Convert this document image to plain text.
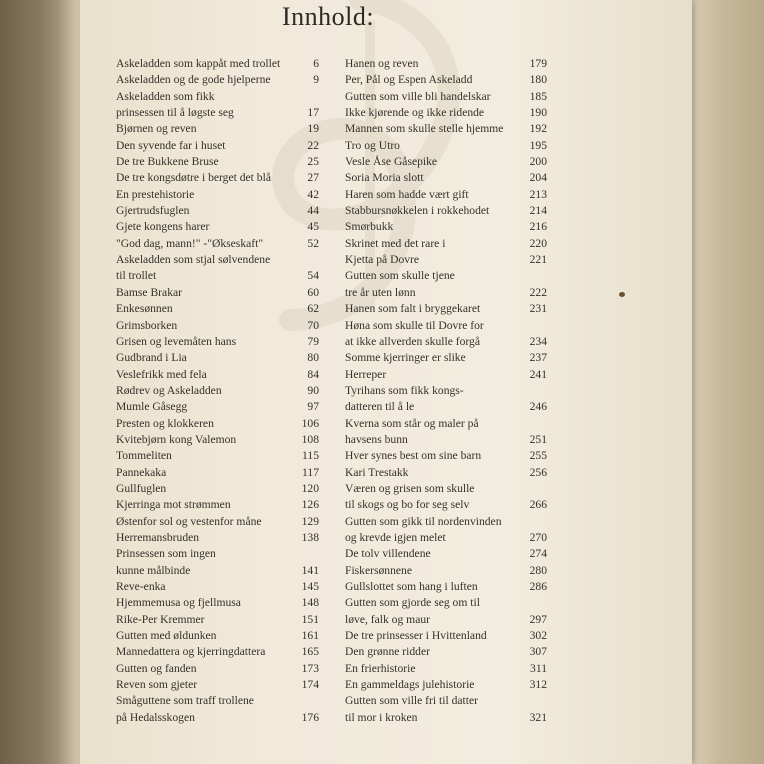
Innhold:
Askeladden som kappåt med trollet	6
Askeladden og de gode hjelperne	9
Askeladden som fikk
prinsessen til å løgste seg	17
Bjørnen og reven	19
Den syvende far i huset	22
De tre Bukkene Bruse	25
De tre kongsdøtre i berget det blå	27
En prestehistorie	42
Gjertrudsfuglen	44
Gjete kongens harer	45
"God dag, mann!" -"Økseskaft"	52
Askeladden som stjal sølvendene
til trollet	54
Bamse Brakar	60
Enkesønnen	62
Grimsborken	70
Grisen og levemåten hans	79
Gudbrand i Lia	80
Veslefrikk med fela	84
Rødrev og Askeladden	90
Mumle Gåsegg	97
Presten og klokkeren	106
Kvitebjørn kong Valemon	108
Tommeliten	115
Pannekaka	117
Gullfuglen	120
Kjerringa mot strømmen	126
Østenfor sol og vestenfor måne	129
Herremansbruden	138
Prinsessen som ingen
kunne målbinde	141
Reve-enka	145
Hjemmemusa og fjellmusa	148
Rike-Per Kremmer	151
Gutten med øldunken	161
Mannedattera og kjerringdattera	165
Gutten og fanden	173
Reven som gjeter	174
Småguttene som traff trollene
på Hedalsskogen	176
Hanen og reven	179
Per, Pål og Espen Askeladd	180
Gutten som ville bli handelskar	185
Ikke kjørende og ikke ridende	190
Mannen som skulle stelle hjemme 192
Tro og Utro	195
Vesle Åse Gåsepike	200
Soria Moria slott	204
Haren som hadde vært gift	213
Stabbursnøkkelen i rokkehodet	214
Smørbukk	216
Skrinet med det rare i	220
Kjetta på Dovre	221
Gutten som skulle tjene
tre år uten lønn	222
Hanen som falt i bryggekaret	231
Høna som skulle til Dovre for
at ikke allverden skulle forgå	234
Somme kjerringer er slike	237
Herreper	241
Tyrihans som fikk kongs-
datteren til å le	246
Kverna som står og maler på
havsens bunn	251
Hver synes best om sine barn	255
Kari Trestakk	256
Væren og grisen som skulle
til skogs og bo for seg selv	266
Gutten som gikk til nordenvinden
og krevde igjen melet	270
De tolv villendene	274
Fiskersønnene	280
Gullslottet som hang i luften	286
Gutten som gjorde seg om til
løve, falk og maur	297
De tre prinsesser i Hvittenland	302
Den grønne ridder	307
En frierhistorie	311
En gammeldags julehistorie	312
Gutten som ville fri til datter
til mor i kroken	321
